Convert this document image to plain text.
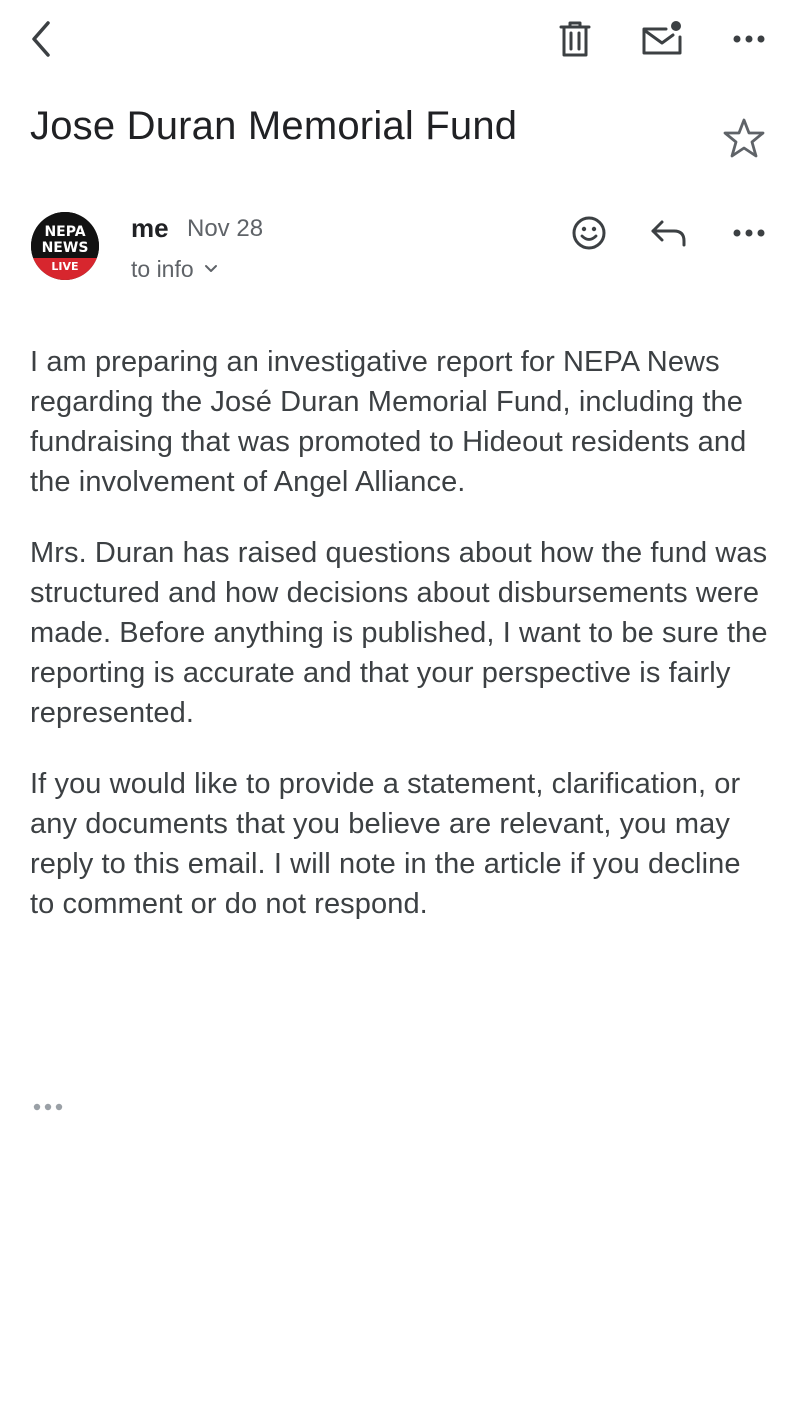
Jose Duran Memorial Fund
NEPA
NEWS
LIVE
me Nov 28
to info

I am preparing an investigative report for NEPA News regarding the José Duran Memorial Fund, including the fundraising that was promoted to Hideout residents and the involvement of Angel Alliance.

Mrs. Duran has raised questions about how the fund was structured and how decisions about disbursements were made. Before anything is published, I want to be sure the reporting is accurate and that your perspective is fairly represented.

If you would like to provide a statement, clarification, or any documents that you believe are relevant, you may reply to this email. I will note in the article if you decline to comment or do not respond.
